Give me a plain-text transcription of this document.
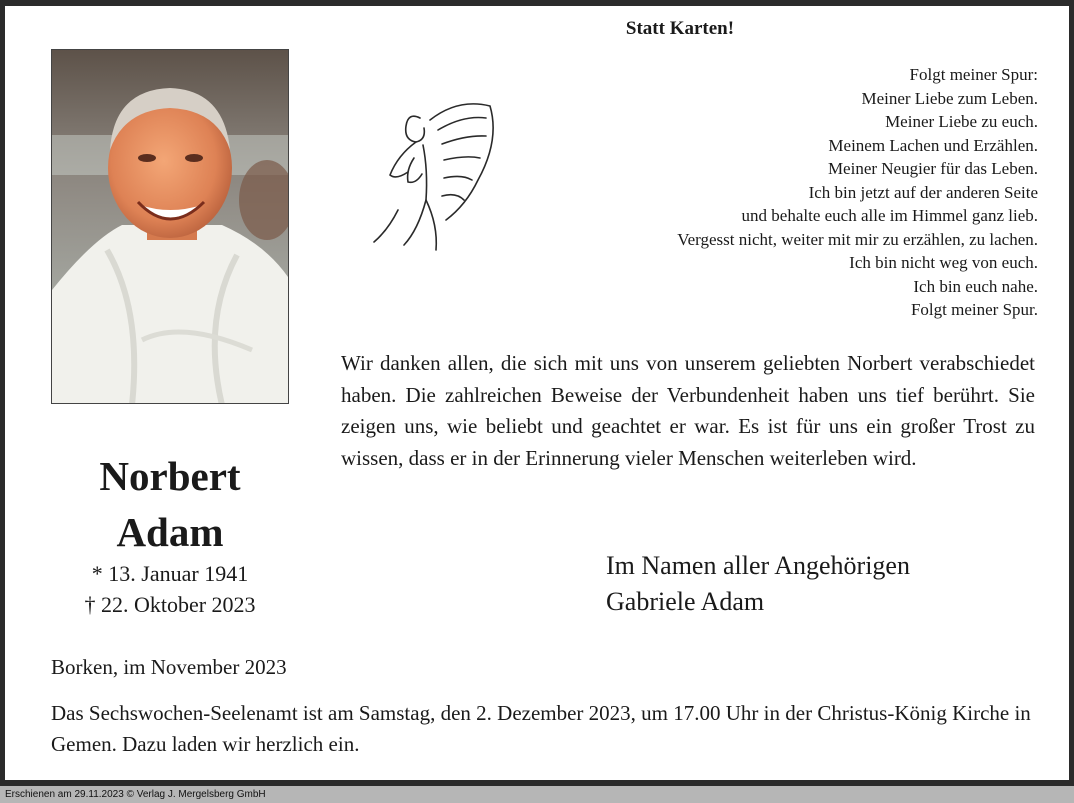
Statt Karten!
Folgt meiner Spur:
Meiner Liebe zum Leben.
Meiner Liebe zu euch.
Meinem Lachen und Erzählen.
Meiner Neugier für das Leben.
Ich bin jetzt auf der anderen Seite
und behalte euch alle im Himmel ganz lieb.
Vergesst nicht, weiter mit mir zu erzählen, zu lachen.
Ich bin nicht weg von euch.
Ich bin euch nahe.
Folgt meiner Spur.
Wir danken allen, die sich mit uns von unserem geliebten Norbert verabschiedet haben. Die zahlreichen Beweise der Verbundenheit haben uns tief berührt. Sie zeigen uns, wie beliebt und geachtet er war. Es ist für uns ein großer Trost zu wissen, dass er in der Erinnerung vieler Menschen weiterleben wird.
Im Namen aller Angehörigen
Gabriele Adam
Norbert
Adam
* 13. Januar 1941
† 22. Oktober 2023
Borken, im November 2023
Das Sechswochen-Seelenamt ist am Samstag, den 2. Dezember 2023, um 17.00 Uhr in der Christus-König Kirche in Gemen. Dazu laden wir herzlich ein.
Erschienen am 29.11.2023 © Verlag J. Mergelsberg GmbH
